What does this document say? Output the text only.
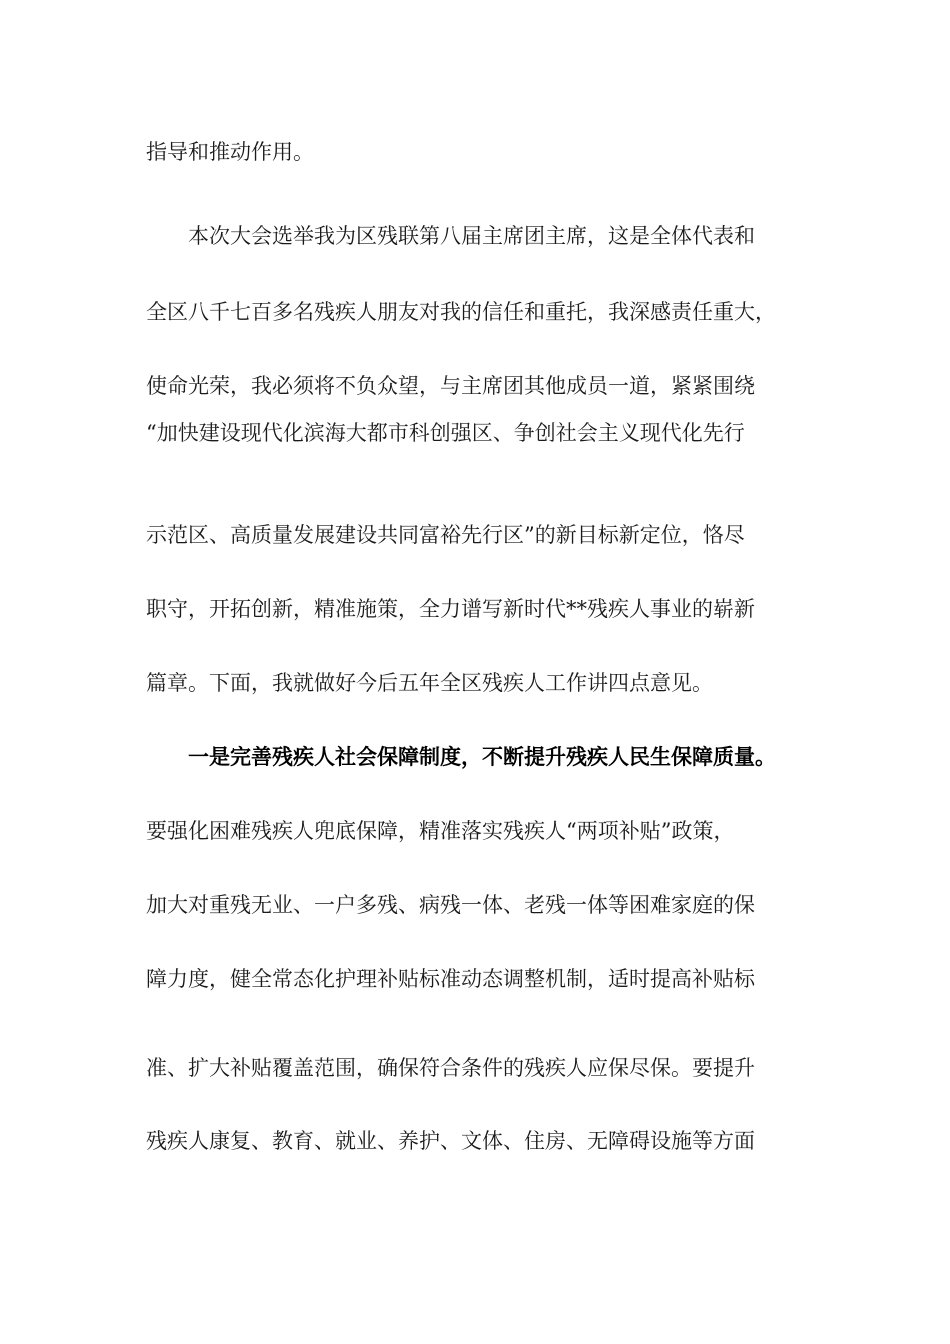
指导和推动作用。
本次大会选举我为区残联第八届主席团主席，这是全体代表和
全区八千七百多名残疾人朋友对我的信任和重托，我深感责任重大，
使命光荣，我必须将不负众望，与主席团其他成员一道，紧紧围绕
“加快建设现代化滨海大都市科创强区、争创社会主义现代化先行
示范区、高质量发展建设共同富裕先行区”的新目标新定位，恪尽
职守，开拓创新，精准施策，全力谱写新时代**残疾人事业的崭新
篇章。下面，我就做好今后五年全区残疾人工作讲四点意见。
一是完善残疾人社会保障制度，不断提升残疾人民生保障质量。
要强化困难残疾人兜底保障，精准落实残疾人“两项补贴”政策，
加大对重残无业、一户多残、病残一体、老残一体等困难家庭的保
障力度，健全常态化护理补贴标准动态调整机制，适时提高补贴标
准、扩大补贴覆盖范围，确保符合条件的残疾人应保尽保。要提升
残疾人康复、教育、就业、养护、文体、住房、无障碍设施等方面
